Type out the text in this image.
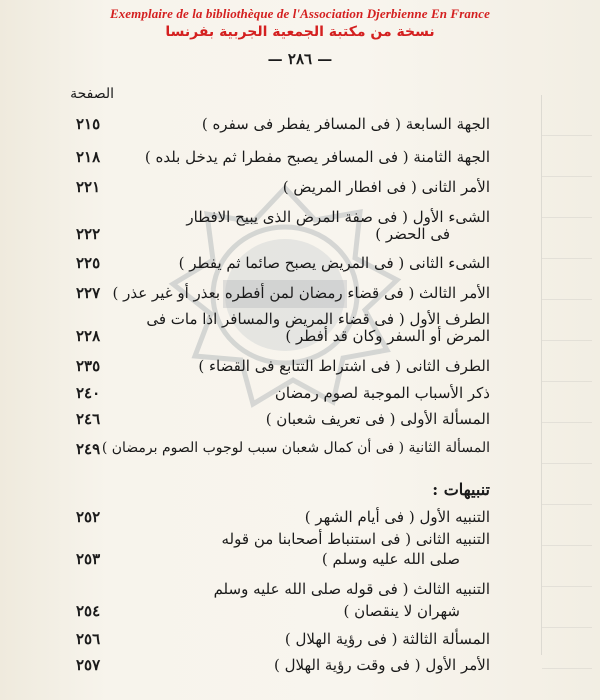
Exemplaire de la bibliothèque de l'Association Djerbienne En France
نسخة من مكتبة الجمعية الجربية بفرنسا
— ٢٨٦ —
الصفحة
الجهة السابعة ( فى المسافر يفطر فى سفره )
٢١٥
الجهة الثامنة ( فى المسافر يصبح مفطرا ثم يدخل بلده )
٢١٨
الأمر الثانى ( فى افطار المريض )
٢٢١
الشىء الأول ( فى صفة المرض الذى يبيح الافطار
فى الحضر )
٢٢٢
الشىء الثانى ( فى المريض يصبح صائما ثم يفطر )
٢٢٥
الأمر الثالث ( فى قضاء رمضان لمن أفطره بعذر أو غير عذر )
٢٢٧
الطرف الأول ( فى قضاء المريض والمسافر اذا مات فى
المرض أو السفر وكان قد أفطر )
٢٢٨
الطرف الثانى ( فى اشتراط التتابع فى القضاء )
٢٣٥
ذكر الأسباب الموجبة لصوم رمضان
٢٤٠
المسألة الأولى ( فى تعريف شعبان )
٢٤٦
المسألة الثانية ( فى أن كمال شعبان سبب لوجوب الصوم برمضان )
٢٤٩
التنبيه الأول ( فى أيام الشهر )
٢٥٢
التنبيه الثانى ( فى استنباط أصحابنا من قوله
صلى الله عليه وسلم )
٢٥٣
التنبيه الثالث ( فى قوله صلى الله عليه وسلم
شهران لا ينقصان )
٢٥٤
المسألة الثالثة ( فى رؤية الهلال )
٢٥٦
الأمر الأول ( فى وقت رؤية الهلال )
٢٥٧
تنبيهات :
